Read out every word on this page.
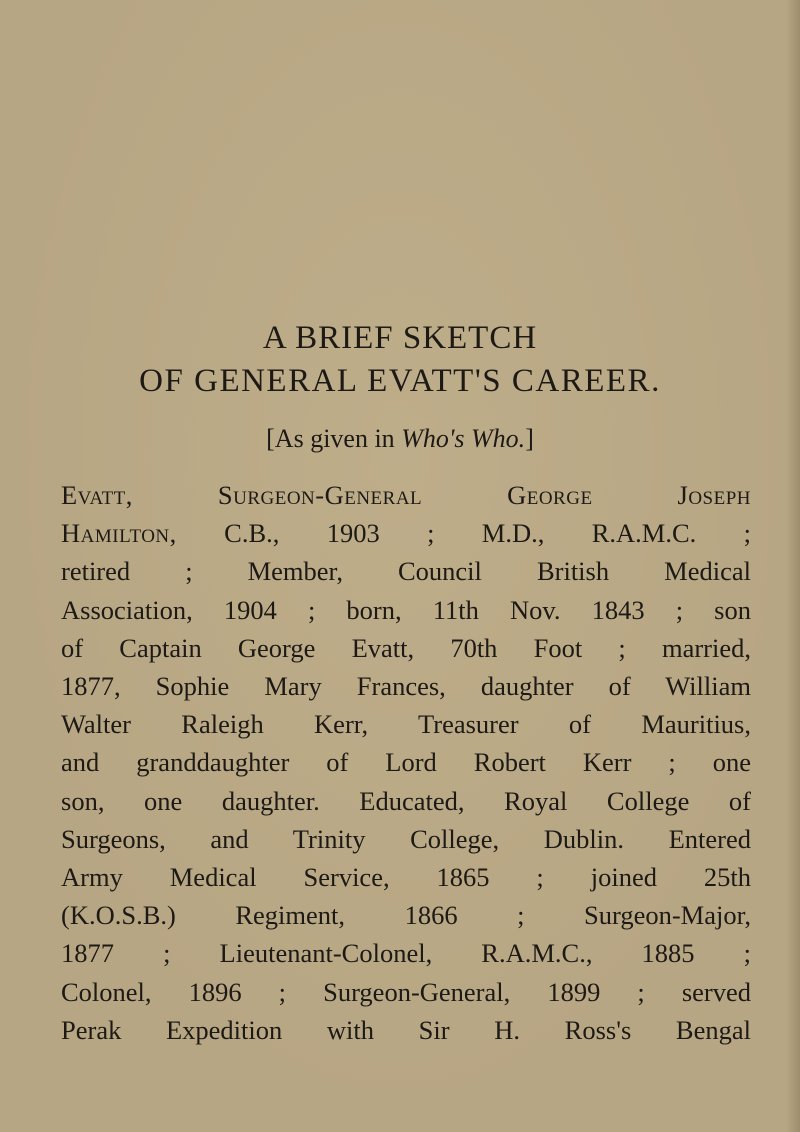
A BRIEF SKETCH
OF GENERAL EVATT'S CAREER.
[As given in Who's Who.]
Evatt, Surgeon-General George Joseph
Hamilton, C.B., 1903 ; M.D., R.A.M.C. ;
retired ; Member, Council British Medical
Association, 1904 ; born, 11th Nov. 1843 ; son
of Captain George Evatt, 70th Foot ; married,
1877, Sophie Mary Frances, daughter of William
Walter Raleigh Kerr, Treasurer of Mauritius,
and granddaughter of Lord Robert Kerr ; one
son, one daughter. Educated, Royal College of
Surgeons, and Trinity College, Dublin. Entered
Army Medical Service, 1865 ; joined 25th
(K.O.S.B.) Regiment, 1866 ; Surgeon-Major,
1877 ; Lieutenant-Colonel, R.A.M.C., 1885 ;
Colonel, 1896 ; Surgeon-General, 1899 ; served
Perak Expedition with Sir H. Ross's Bengal
